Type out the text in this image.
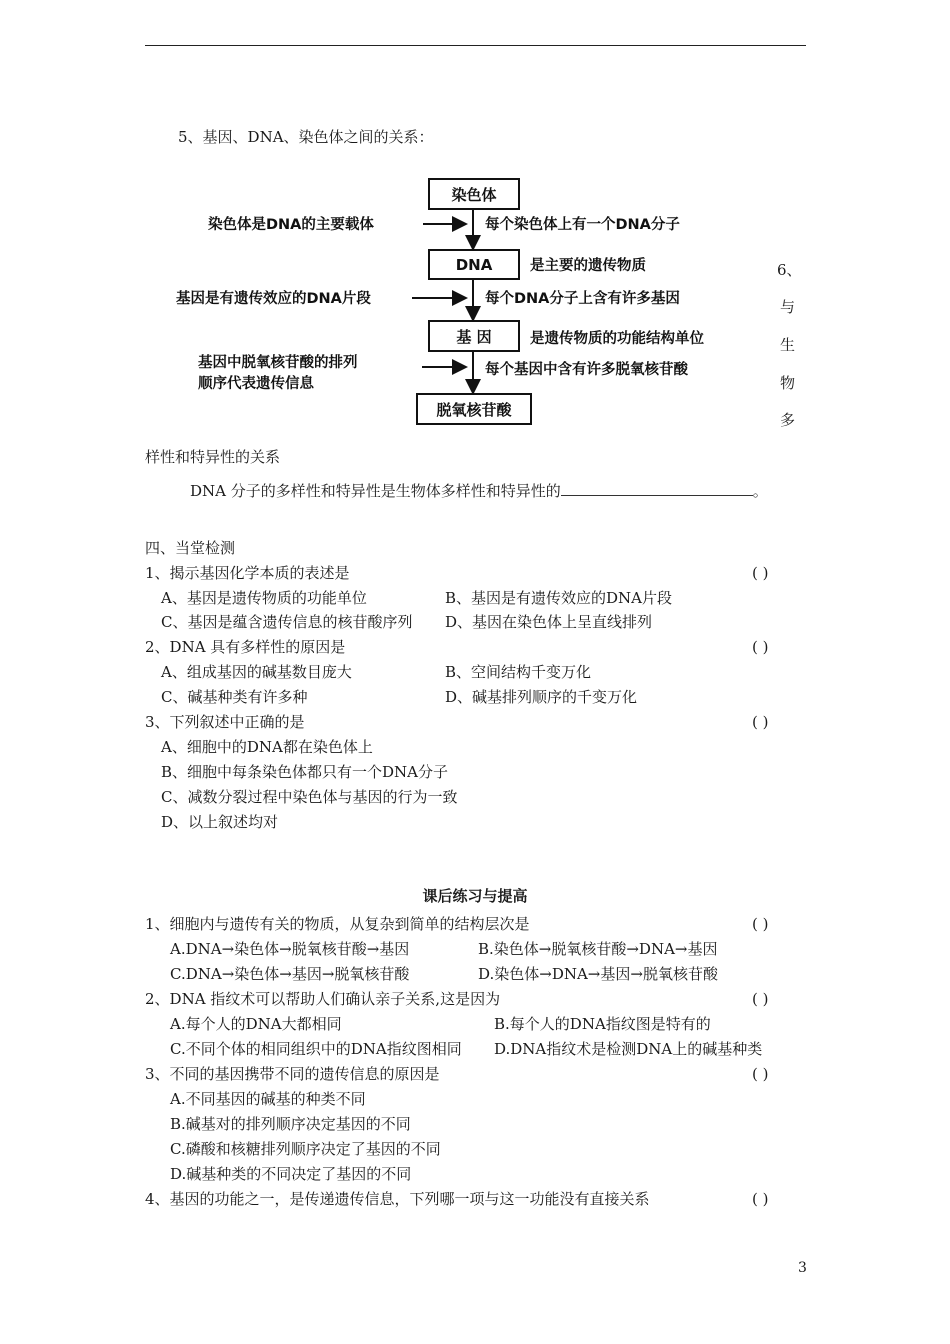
5、基因、DNA、染色体之间的关系：
染色体
DNA
基 因
脱氧核苷酸
染色体是DNA的主要载体
基因是有遗传效应的DNA片段
基因中脱氧核苷酸的排列
顺序代表遗传信息
每个染色体上有一个DNA分子
是主要的遗传物质
每个DNA分子上含有许多基因
是遗传物质的功能结构单位
每个基因中含有许多脱氧核苷酸
6、
与
生
物
多
样性和特异性的关系
DNA 分子的多样性和特异性是生物体多样性和特异性的	。
四、当堂检测
1、揭示基因化学本质的表述是	( )
A、基因是遗传物质的功能单位	B、基因是有遗传效应的DNA片段
C、基因是蕴含遗传信息的核苷酸序列 D、基因在染色体上呈直线排列
2、DNA 具有多样性的原因是	( )
A、组成基因的碱基数目庞大	B、空间结构千变万化
C、碱基种类有许多种	D、碱基排列顺序的千变万化
3、下列叙述中正确的是	( )
A、细胞中的DNA都在染色体上
B、细胞中每条染色体都只有一个DNA分子
C、减数分裂过程中染色体与基因的行为一致
D、以上叙述均对
课后练习与提高
1、细胞内与遗传有关的物质，从复杂到简单的结构层次是	( )
A.DNA→染色体→脱氧核苷酸→基因	B.染色体→脱氧核苷酸→DNA→基因
C.DNA→染色体→基因→脱氧核苷酸	D.染色体→DNA→基因→脱氧核苷酸
2、DNA 指纹术可以帮助人们确认亲子关系,这是因为	( )
A.每个人的DNA大都相同	B.每个人的DNA指纹图是特有的
C.不同个体的相同组织中的DNA指纹图相同 D.DNA指纹术是检测DNA上的碱基种类
3、不同的基因携带不同的遗传信息的原因是	( )
A.不同基因的碱基的种类不同
B.碱基对的排列顺序决定基因的不同
C.磷酸和核糖排列顺序决定了基因的不同
D.碱基种类的不同决定了基因的不同
4、基因的功能之一，是传递遗传信息，下列哪一项与这一功能没有直接关系	( )
3
